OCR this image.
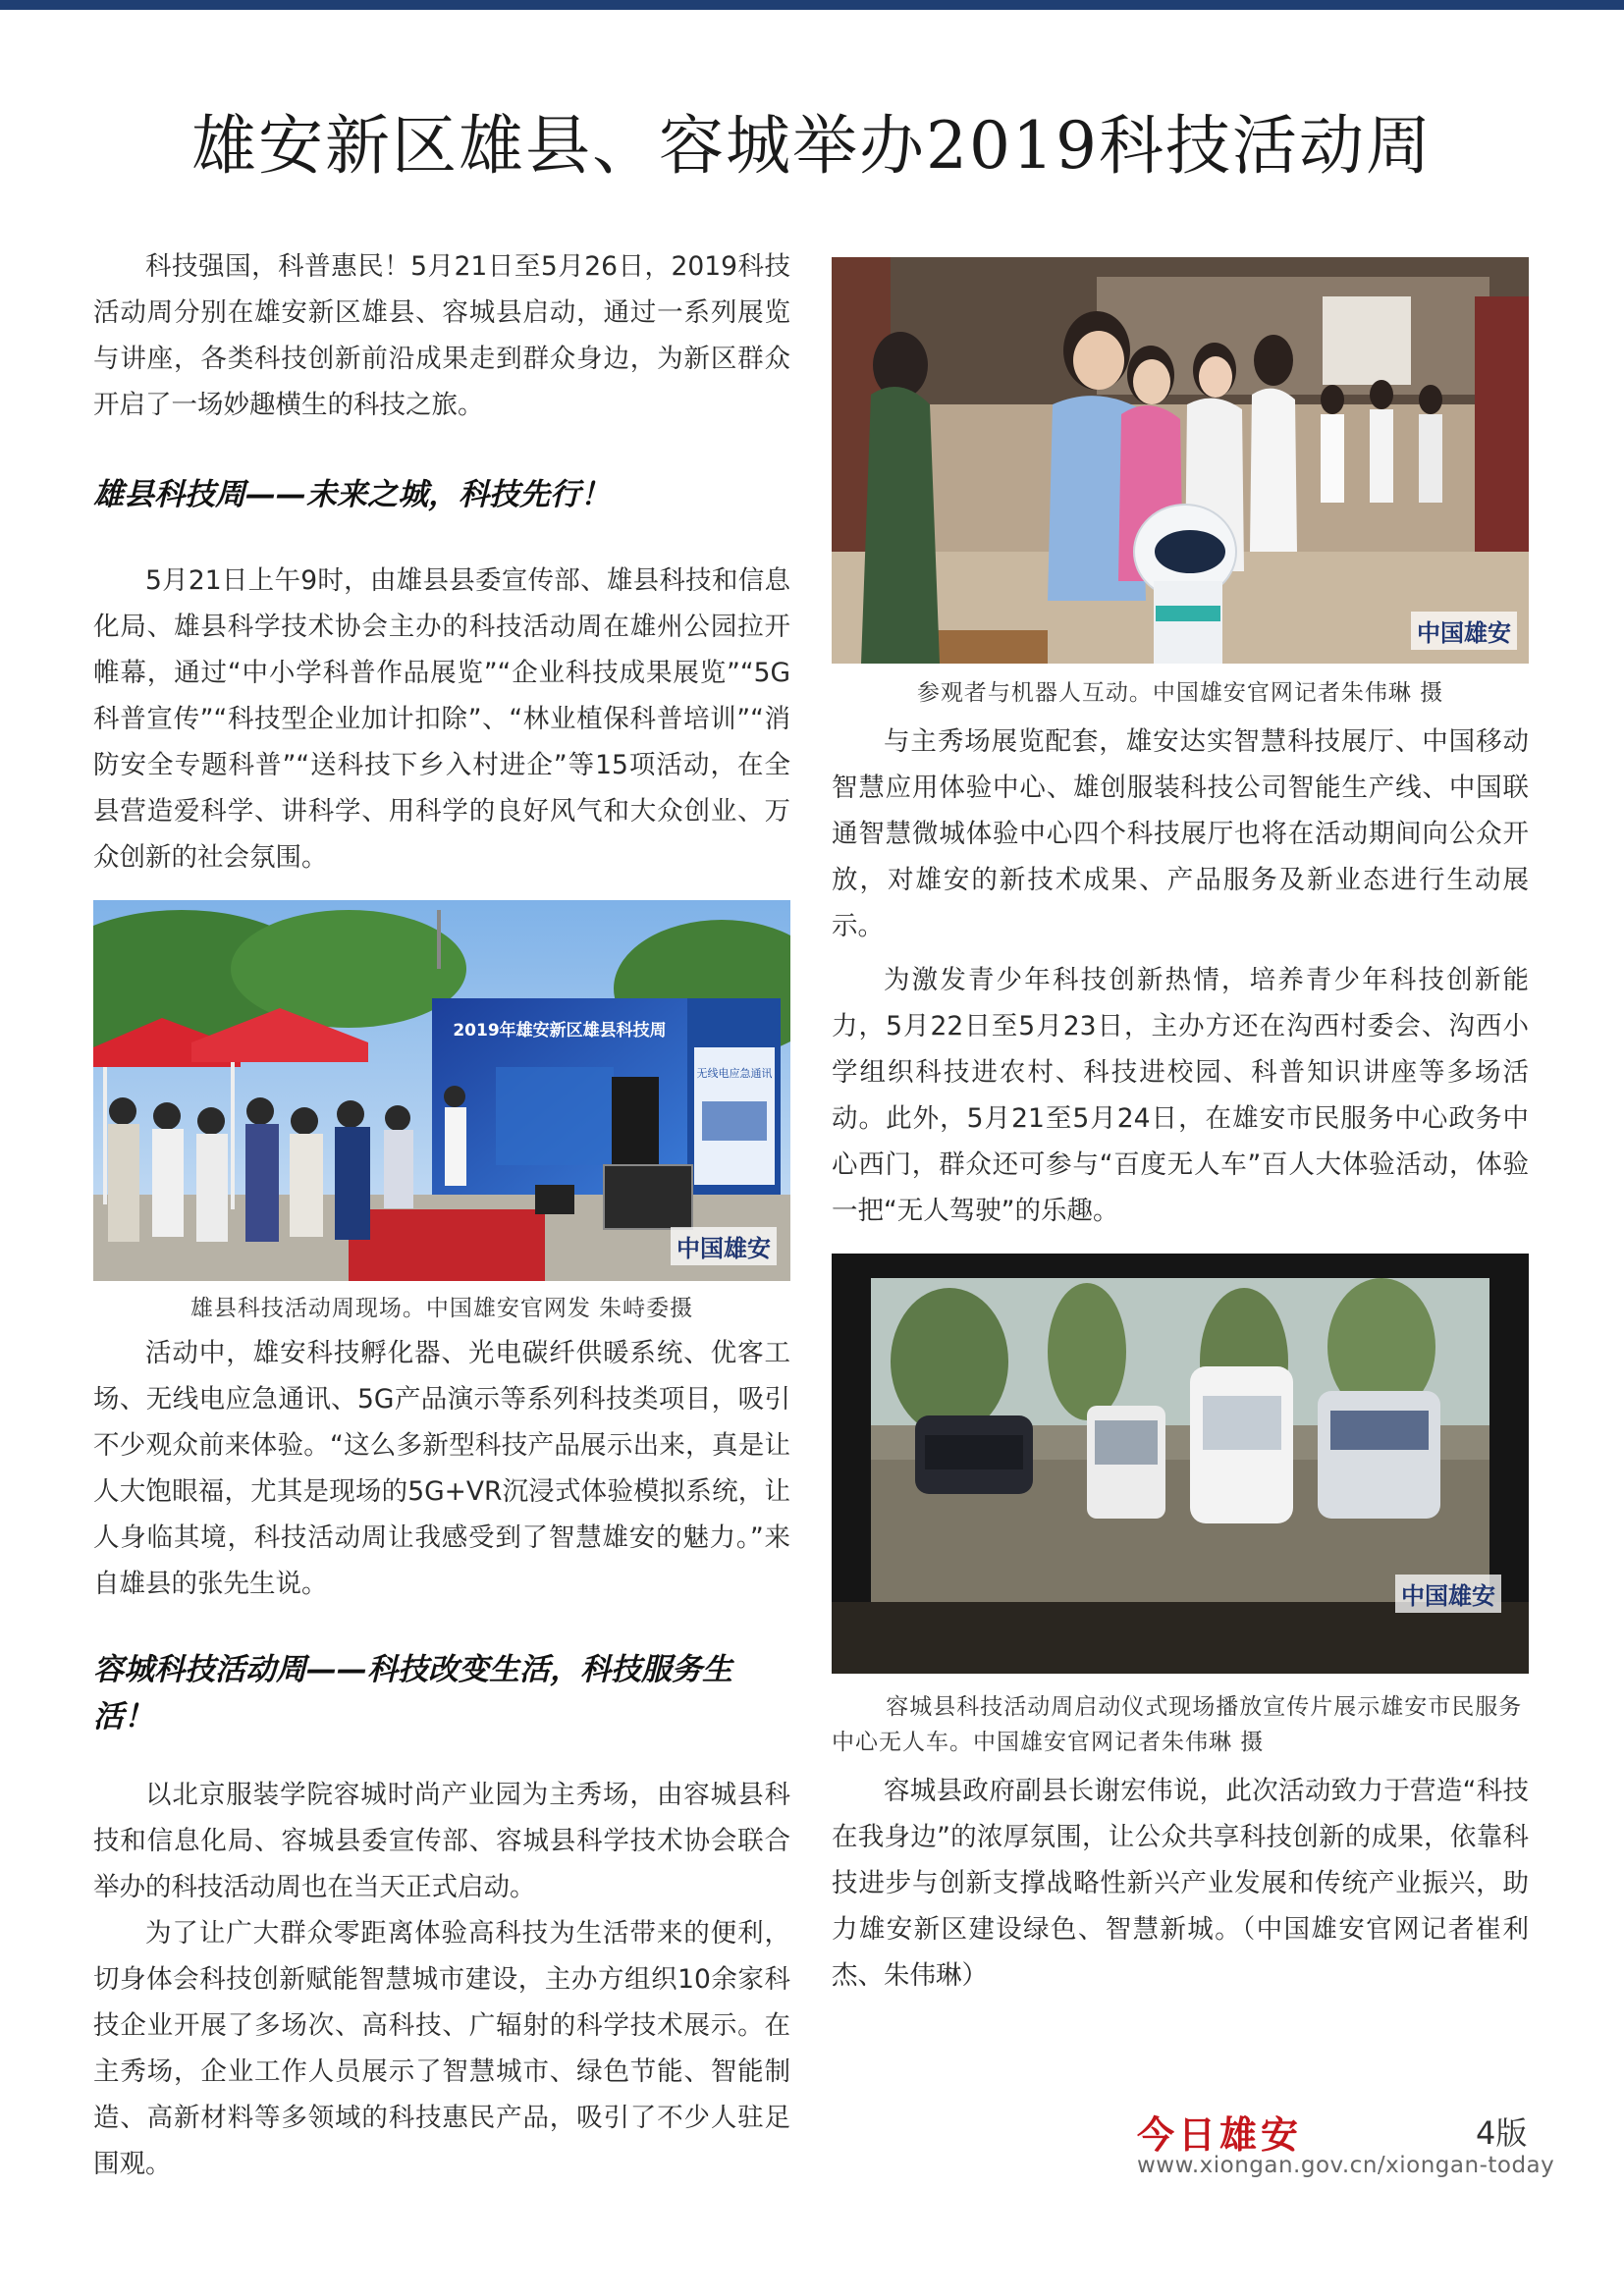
雄安新区雄县、容城举办2019科技活动周

科技强国，科普惠民！5月21日至5月26日，2019科技活动周分别在雄安新区雄县、容城县启动，通过一系列展览与讲座，各类科技创新前沿成果走到群众身边，为新区群众开启了一场妙趣横生的科技之旅。

雄县科技周——未来之城，科技先行！

5月21日上午9时，由雄县县委宣传部、雄县科技和信息化局、雄县科学技术协会主办的科技活动周在雄州公园拉开帷幕，通过“中小学科普作品展览”“企业科技成果展览”“5G科普宣传”“科技型企业加计扣除”、“林业植保科普培训”“消防安全专题科普”“送科技下乡入村进企”等15项活动，在全县营造爱科学、讲科学、用科学的良好风气和大众创业、万众创新的社会氛围。

2019年雄安新区雄县科技周
无线电应急通讯
中国雄安
雄县科技活动周现场。中国雄安官网发 朱峙委摄

活动中，雄安科技孵化器、光电碳纤供暖系统、优客工场、无线电应急通讯、5G产品演示等系列科技类项目，吸引不少观众前来体验。“这么多新型科技产品展示出来，真是让人大饱眼福，尤其是现场的5G+VR沉浸式体验模拟系统，让人身临其境，科技活动周让我感受到了智慧雄安的魅力。”来自雄县的张先生说。

容城科技活动周——科技改变生活，科技服务生活！

以北京服装学院容城时尚产业园为主秀场，由容城县科技和信息化局、容城县委宣传部、容城县科学技术协会联合举办的科技活动周也在当天正式启动。

为了让广大群众零距离体验高科技为生活带来的便利，切身体会科技创新赋能智慧城市建设，主办方组织10余家科技企业开展了多场次、高科技、广辐射的科学技术展示。在主秀场，企业工作人员展示了智慧城市、绿色节能、智能制造、高新材料等多领域的科技惠民产品，吸引了不少人驻足围观。

中国雄安
参观者与机器人互动。中国雄安官网记者朱伟琳 摄

与主秀场展览配套，雄安达实智慧科技展厅、中国移动智慧应用体验中心、雄创服装科技公司智能生产线、中国联通智慧微城体验中心四个科技展厅也将在活动期间向公众开放，对雄安的新技术成果、产品服务及新业态进行生动展示。

为激发青少年科技创新热情，培养青少年科技创新能力，5月22日至5月23日，主办方还在沟西村委会、沟西小学组织科技进农村、科技进校园、科普知识讲座等多场活动。此外，5月21至5月24日，在雄安市民服务中心政务中心西门，群众还可参与“百度无人车”百人大体验活动，体验一把“无人驾驶”的乐趣。

中国雄安
容城县科技活动周启动仪式现场播放宣传片展示雄安市民服务中心无人车。中国雄安官网记者朱伟琳 摄

容城县政府副县长谢宏伟说，此次活动致力于营造“科技在我身边”的浓厚氛围，让公众共享科技创新的成果，依靠科技进步与创新支撑战略性新兴产业发展和传统产业振兴，助力雄安新区建设绿色、智慧新城。（中国雄安官网记者崔利杰、朱伟琳）

今日雄安	4版
www.xiongan.gov.cn/xiongan-today
